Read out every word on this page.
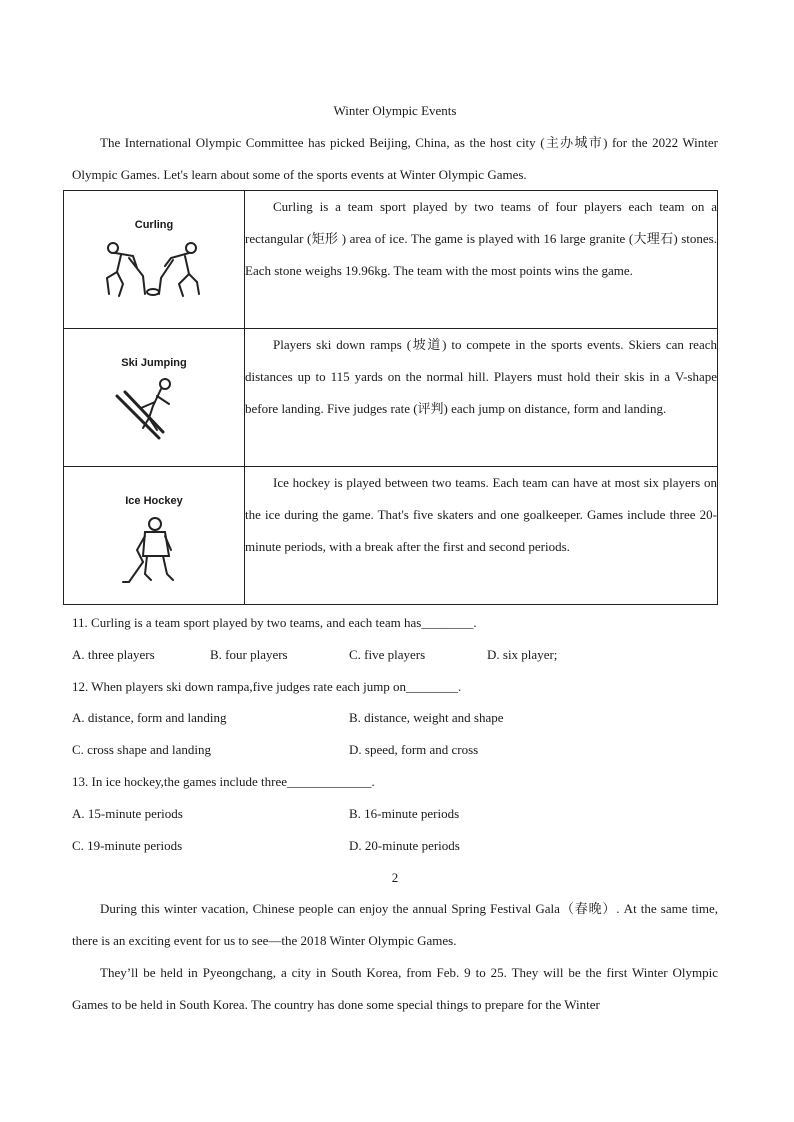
Winter Olympic Events
The International Olympic Committee has picked Beijing, China, as the host city (主办城市) for the 2022 Winter Olympic Games. Let's learn about some of the sports events at Winter Olympic Games.
Curling	Curling is a team sport played by two teams of four players each team on a rectangular (矩形 ) area of ice. The game is played with 16 large granite (大理石) stones. Each stone weighs 19.96kg. The team with the most points wins the game.

Ski Jumping	Players ski down ramps (坡道) to compete in the sports events. Skiers can reach distances up to 115 yards on the normal hill. Players must hold their skis in a V-shape before landing. Five judges rate (评判) each jump on distance, form and landing.

Ice Hockey	Ice hockey is played between two teams. Each team can have at most six players on the ice during the game. That's five skaters and one goalkeeper. Games include three 20-minute periods, with a break after the first and second periods.
11. Curling is a team sport played by two teams, and each team has________.
A. three players	B. four players	C. five players	D. six player;
12. When players ski down rampa,five judges rate each jump on________.
A. distance, form and landing	B. distance, weight and shape
C. cross shape and landing	D. speed, form and cross
13. In ice hockey,the games include three_____________.
A. 15-minute periods	B. 16-minute periods
C. 19-minute periods	D. 20-minute periods
2
During this winter vacation, Chinese people can enjoy the annual Spring Festival Gala（春晚）. At the same time, there is an exciting event for us to see—the 2018 Winter Olympic Games.
They’ll be held in Pyeongchang, a city in South Korea, from Feb. 9 to 25. They will be the first Winter Olympic Games to be held in South Korea. The country has done some special things to prepare for the Winter
